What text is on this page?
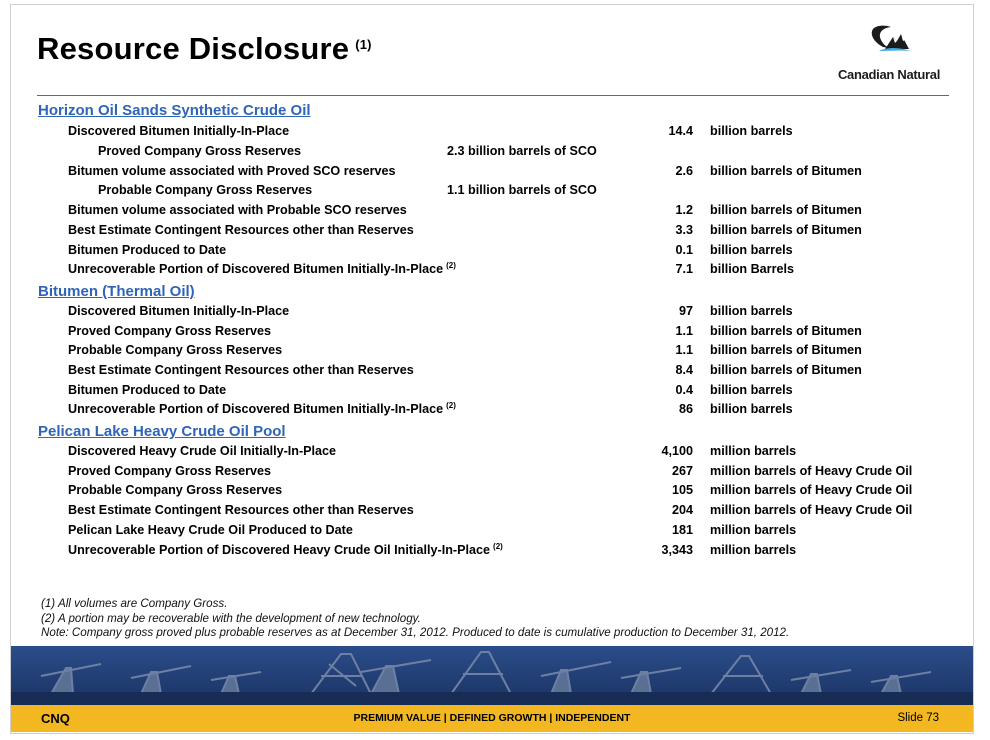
Resource Disclosure $^{(1)}$
Canadian Natural
Horizon Oil Sands Synthetic Crude Oil
Discovered Bitumen Initially-In-Place	14.4 billion barrels
Proved Company Gross Reserves	2.3 billion barrels of SCO
Bitumen volume associated with Proved SCO reserves	2.6 billion barrels of Bitumen
Probable Company Gross Reserves	1.1 billion barrels of SCO
Bitumen volume associated with Probable SCO reserves	1.2 billion barrels of Bitumen
Best Estimate Contingent Resources other than Reserves	3.3 billion barrels of Bitumen
Bitumen Produced to Date	0.1 billion barrels
Unrecoverable Portion of Discovered Bitumen Initially-In-Place $^{(2)}$	7.1 billion Barrels
Bitumen (Thermal Oil)
Discovered Bitumen Initially-In-Place	97 billion barrels
Proved Company Gross Reserves	1.1 billion barrels of Bitumen
Probable Company Gross Reserves	1.1 billion barrels of Bitumen
Best Estimate Contingent Resources other than Reserves	8.4 billion barrels of Bitumen
Bitumen Produced to Date	0.4 billion barrels
Unrecoverable Portion of Discovered Bitumen Initially-In-Place $^{(2)}$	86 billion barrels
Pelican Lake Heavy Crude Oil Pool
Discovered Heavy Crude Oil Initially-In-Place	4,100 million barrels
Proved Company Gross Reserves	267 million barrels of Heavy Crude Oil
Probable Company Gross Reserves	105 million barrels of Heavy Crude Oil
Best Estimate Contingent Resources other than Reserves	204 million barrels of Heavy Crude Oil
Pelican Lake Heavy Crude Oil Produced to Date	181 million barrels
Unrecoverable Portion of Discovered Heavy Crude Oil Initially-In-Place $^{(2)}$	3,343 million barrels
(1) All volumes are Company Gross.
(2) A portion may be recoverable with the development of new technology.
Note: Company gross proved plus probable reserves as at December 31, 2012. Produced to date is cumulative production to December 31, 2012.
CNQ	PREMIUM VALUE | DEFINED GROWTH | INDEPENDENT	Slide 73
